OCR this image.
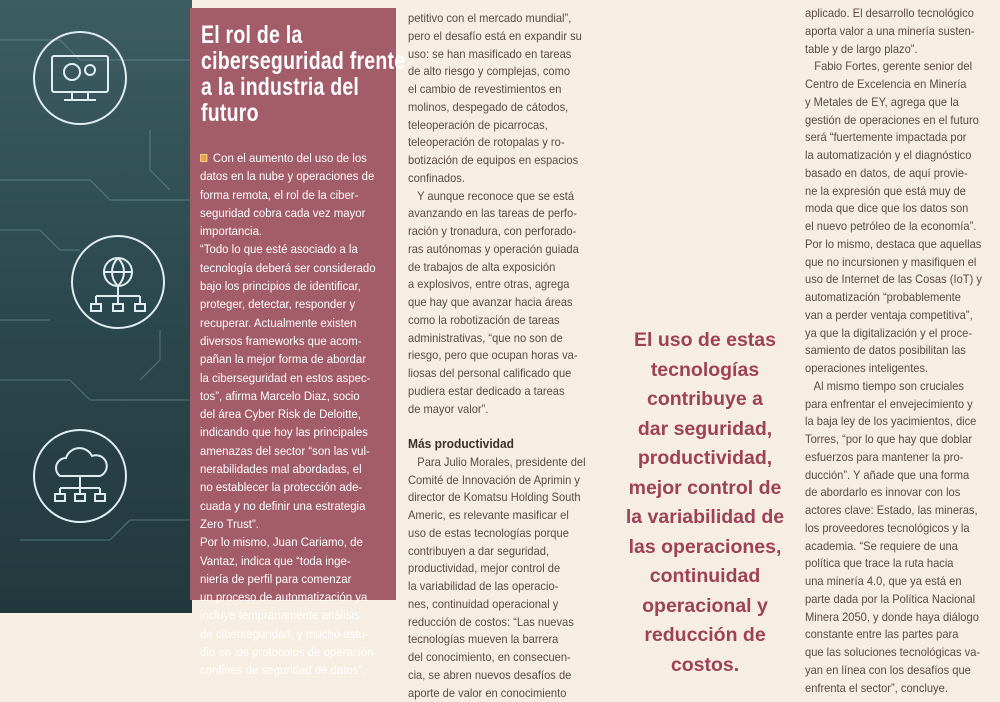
El rol de la
ciberseguridad frente
a la industria del
futuro
Con el aumento del uso de los
datos en la nube y operaciones de
forma remota, el rol de la ciber-
seguridad cobra cada vez mayor
importancia.
“Todo lo que esté asociado a la
tecnología deberá ser considerado
bajo los principios de identificar,
proteger, detectar, responder y
recuperar. Actualmente existen
diversos frameworks que acom-
pañan la mejor forma de abordar
la ciberseguridad en estos aspec-
tos”, afirma Marcelo Diaz, socio
del área Cyber Risk de Deloitte,
indicando que hoy las principales
amenazas del sector “son las vul-
nerabilidades mal abordadas, el
no establecer la protección ade-
cuada y no definir una estrategia
Zero Trust”.
Por lo mismo, Juan Cariamo, de
Vantaz, indica que “toda inge-
niería de perfil para comenzar
un proceso de automatización ya
incluye tempranamente análisis
de ciberseguridad, y mucho estu-
dio en los protocolos de operación
confines de seguridad de datos”.
petitivo con el mercado mundial”,
pero el desafío está en expandir su
uso: se han masificado en tareas
de alto riesgo y complejas, como
el cambio de revestimientos en
molinos, despegado de cátodos,
teleoperación de picarrocas,
teleoperación de rotopalas y ro-
botización de equipos en espacios
confinados.
Y aunque reconoce que se está
avanzando en las tareas de perfo-
ración y tronadura, con perforado-
ras autónomas y operación guiada
de trabajos de alta exposición
a explosivos, entre otras, agrega
que hay que avanzar hacia áreas
como la robotización de tareas
administrativas, “que no son de
riesgo, pero que ocupan horas va-
liosas del personal calificado que
pudiera estar dedicado a tareas
de mayor valor”.

Más productividad
Para Julio Morales, presidente del
Comité de Innovación de Aprimin y
director de Komatsu Holding South
Americ, es relevante masificar el
uso de estas tecnologías porque
contribuyen a dar seguridad,
productividad, mejor control de
la variabilidad de las operacio-
nes, continuidad operacional y
reducción de costos: “Las nuevas
tecnologías mueven la barrera
del conocimiento, en consecuen-
cia, se abren nuevos desafíos de
aporte de valor en conocimiento
El uso de estas
tecnologías
contribuye a
dar seguridad,
productividad,
mejor control de
la variabilidad de
las operaciones,
continuidad
operacional y
reducción de
costos.
aplicado. El desarrollo tecnológico
aporta valor a una minería susten-
table y de largo plazo”.
Fabio Fortes, gerente senior del
Centro de Excelencia en Minería
y Metales de EY, agrega que la
gestión de operaciones en el futuro
será “fuertemente impactada por
la automatización y el diagnóstico
basado en datos, de aquí provie-
ne la expresión que está muy de
moda que dice que los datos son
el nuevo petróleo de la economía”.
Por lo mismo, destaca que aquellas
que no incursionen y masifiquen el
uso de Internet de las Cosas (IoT) y
automatización “probablemente
van a perder ventaja competitiva”,
ya que la digitalización y el proce-
samiento de datos posibilitan las
operaciones inteligentes.
Al mismo tiempo son cruciales
para enfrentar el envejecimiento y
la baja ley de los yacimientos, dice
Torres, “por lo que hay que doblar
esfuerzos para mantener la pro-
ducción”. Y añade que una forma
de abordarlo es innovar con los
actores clave: Estado, las mineras,
los proveedores tecnológicos y la
academia. “Se requiere de una
política que trace la ruta hacia
una minería 4.0, que ya está en
parte dada por la Política Nacional
Minera 2050, y donde haya diálogo
constante entre las partes para
que las soluciones tecnológicas va-
yan en línea con los desafíos que
enfrenta el sector”, concluye.
